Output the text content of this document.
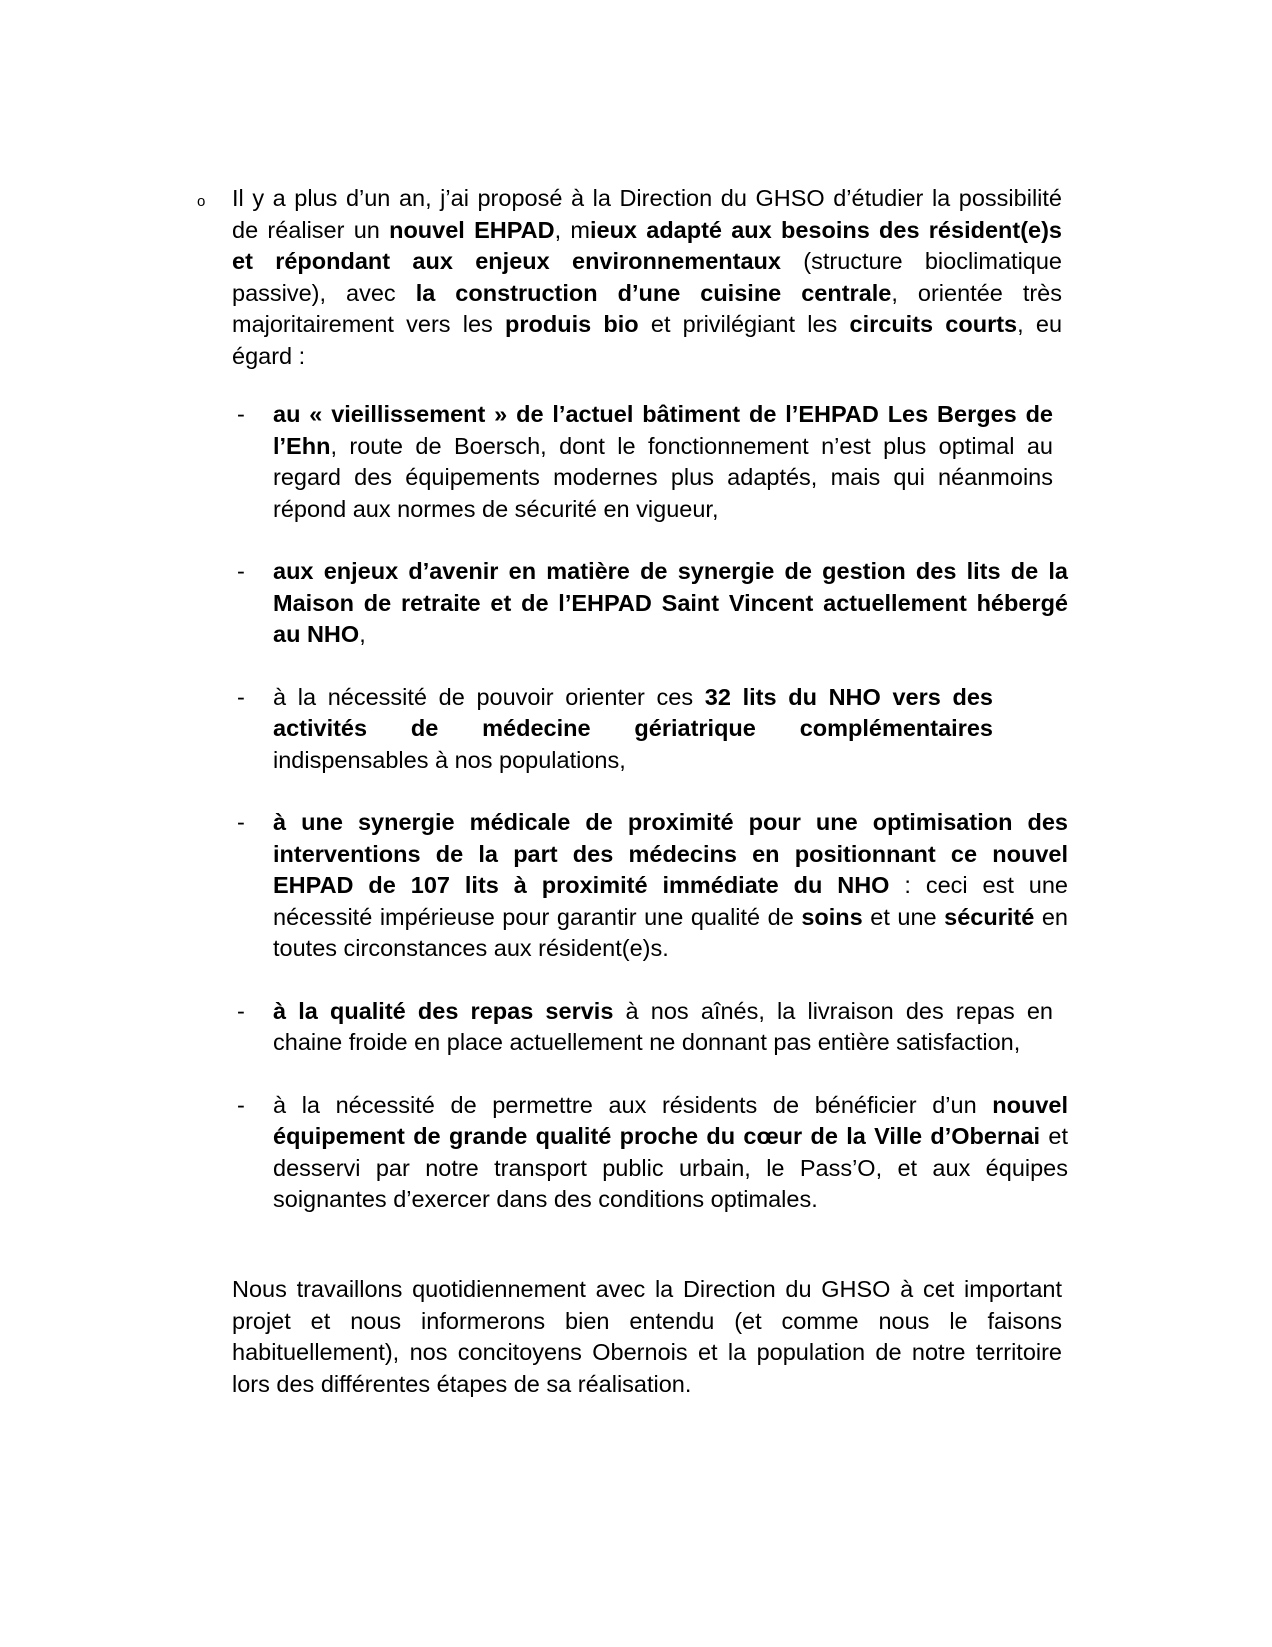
o Il y a plus d’un an, j’ai proposé à la Direction du GHSO d’étudier la possibilité de réaliser un nouvel EHPAD, mieux adapté aux besoins des résident(e)s et répondant aux enjeux environnementaux (structure bioclimatique passive), avec la construction d’une cuisine centrale, orientée très majoritairement vers les produis bio et privilégiant les circuits courts, eu égard :

- au « vieillissement » de l’actuel bâtiment de l’EHPAD Les Berges de l’Ehn, route de Boersch, dont le fonctionnement n’est plus optimal au regard des équipements modernes plus adaptés, mais qui néanmoins répond aux normes de sécurité en vigueur,
- aux enjeux d’avenir en matière de synergie de gestion des lits de la Maison de retraite et de l’EHPAD Saint Vincent actuellement hébergé au NHO,
- à la nécessité de pouvoir orienter ces 32 lits du NHO vers des activités de médecine gériatrique complémentaires indispensables à nos populations,
- à une synergie médicale de proximité pour une optimisation des interventions de la part des médecins en positionnant ce nouvel EHPAD de 107 lits à proximité immédiate du NHO : ceci est une nécessité impérieuse pour garantir une qualité de soins et une sécurité en toutes circonstances aux résident(e)s.
- à la qualité des repas servis à nos aînés, la livraison des repas en chaine froide en place actuellement ne donnant pas entière satisfaction,
- à la nécessité de permettre aux résidents de bénéficier d’un nouvel équipement de grande qualité proche du cœur de la Ville d’Obernai et desservi par notre transport public urbain, le Pass’O, et aux équipes soignantes d’exercer dans des conditions optimales.

Nous travaillons quotidiennement avec la Direction du GHSO à cet important projet et nous informerons bien entendu (et comme nous le faisons habituellement), nos concitoyens Obernois et la population de notre territoire lors des différentes étapes de sa réalisation.
